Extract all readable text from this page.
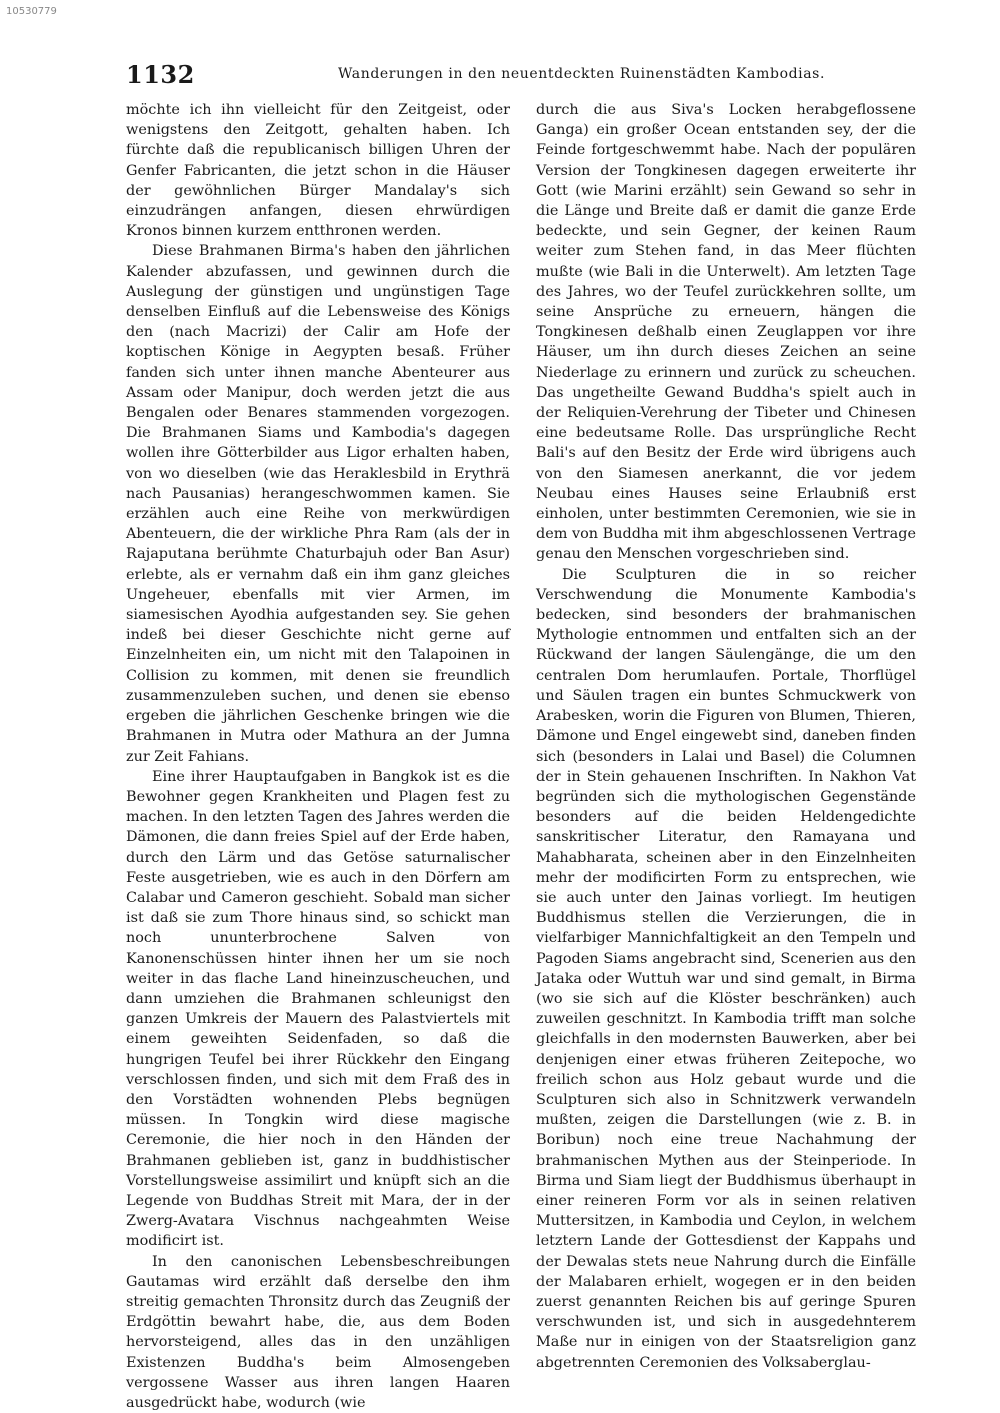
10530779
1132	Wanderungen in den neuentdeckten Ruinenstädten Kambodias.

möchte ich ihn vielleicht für den Zeitgeist, oder wenigstens den Zeitgott, gehalten haben. Ich fürchte daß die republicanisch billigen Uhren der Genfer Fabricanten, die jetzt schon in die Häuser der gewöhnlichen Bürger Mandalay's sich einzudrängen anfangen, diesen ehrwürdigen Kronos binnen kurzem entthronen werden.

Diese Brahmanen Birma's haben den jährlichen Kalender abzufassen, und gewinnen durch die Auslegung der günstigen und ungünstigen Tage denselben Einfluß auf die Lebensweise des Königs den (nach Macrizi) der Calir am Hofe der koptischen Könige in Aegypten besaß. Früher fanden sich unter ihnen manche Abenteurer aus Assam oder Manipur, doch werden jetzt die aus Bengalen oder Benares stammenden vorgezogen. Die Brahmanen Siams und Kambodia's dagegen wollen ihre Götterbilder aus Ligor erhalten haben, von wo dieselben (wie das Heraklesbild in Erythrä nach Pausanias) herangeschwommen kamen. Sie erzählen auch eine Reihe von merkwürdigen Abenteuern, die der wirkliche Phra Ram (als der in Rajaputana berühmte Chaturbajuh oder Ban Asur) erlebte, als er vernahm daß ein ihm ganz gleiches Ungeheuer, ebenfalls mit vier Armen, im siamesischen Ayodhia aufgestanden sey. Sie gehen indeß bei dieser Geschichte nicht gerne auf Einzelnheiten ein, um nicht mit den Talapoinen in Collision zu kommen, mit denen sie freundlich zusammenzuleben suchen, und denen sie ebenso ergeben die jährlichen Geschenke bringen wie die Brahmanen in Mutra oder Mathura an der Jumna zur Zeit Fahians.

Eine ihrer Hauptaufgaben in Bangkok ist es die Bewohner gegen Krankheiten und Plagen fest zu machen. In den letzten Tagen des Jahres werden die Dämonen, die dann freies Spiel auf der Erde haben, durch den Lärm und das Getöse saturnalischer Feste ausgetrieben, wie es auch in den Dörfern am Calabar und Cameron geschieht. Sobald man sicher ist daß sie zum Thore hinaus sind, so schickt man noch ununterbrochene Salven von Kanonenschüssen hinter ihnen her um sie noch weiter in das flache Land hineinzuscheuchen, und dann umziehen die Brahmanen schleunigst den ganzen Umkreis der Mauern des Palastviertels mit einem geweihten Seidenfaden, so daß die hungrigen Teufel bei ihrer Rückkehr den Eingang verschlossen finden, und sich mit dem Fraß des in den Vorstädten wohnenden Plebs begnügen müssen. In Tongkin wird diese magische Ceremonie, die hier noch in den Händen der Brahmanen geblieben ist, ganz in buddhistischer Vorstellungsweise assimilirt und knüpft sich an die Legende von Buddhas Streit mit Mara, der in der Zwerg-Avatara Vischnus nachgeahmten Weise modificirt ist.

In den canonischen Lebensbeschreibungen Gautamas wird erzählt daß derselbe den ihm streitig gemachten Thronsitz durch das Zeugniß der Erdgöttin bewahrt habe, die, aus dem Boden hervorsteigend, alles das in den unzähligen Existenzen Buddha's beim Almosengeben vergossene Wasser aus ihren langen Haaren ausgedrückt habe, wodurch (wie

durch die aus Siva's Locken herabgeflossene Ganga) ein großer Ocean entstanden sey, der die Feinde fortgeschwemmt habe. Nach der populären Version der Tongkinesen dagegen erweiterte ihr Gott (wie Marini erzählt) sein Gewand so sehr in die Länge und Breite daß er damit die ganze Erde bedeckte, und sein Gegner, der keinen Raum weiter zum Stehen fand, in das Meer flüchten mußte (wie Bali in die Unterwelt). Am letzten Tage des Jahres, wo der Teufel zurückkehren sollte, um seine Ansprüche zu erneuern, hängen die Tongkinesen deßhalb einen Zeuglappen vor ihre Häuser, um ihn durch dieses Zeichen an seine Niederlage zu erinnern und zurück zu scheuchen. Das ungetheilte Gewand Buddha's spielt auch in der Reliquien-Verehrung der Tibeter und Chinesen eine bedeutsame Rolle. Das ursprüngliche Recht Bali's auf den Besitz der Erde wird übrigens auch von den Siamesen anerkannt, die vor jedem Neubau eines Hauses seine Erlaubniß erst einholen, unter bestimmten Ceremonien, wie sie in dem von Buddha mit ihm abgeschlossenen Vertrage genau den Menschen vorgeschrieben sind.

Die Sculpturen die in so reicher Verschwendung die Monumente Kambodia's bedecken, sind besonders der brahmanischen Mythologie entnommen und entfalten sich an der Rückwand der langen Säulengänge, die um den centralen Dom herumlaufen. Portale, Thorflügel und Säulen tragen ein buntes Schmuckwerk von Arabesken, worin die Figuren von Blumen, Thieren, Dämone und Engel eingewebt sind, daneben finden sich (besonders in Lalai und Basel) die Columnen der in Stein gehauenen Inschriften. In Nakhon Vat begründen sich die mythologischen Gegenstände besonders auf die beiden Heldengedichte sanskritischer Literatur, den Ramayana und Mahabharata, scheinen aber in den Einzelnheiten mehr der modificirten Form zu entsprechen, wie sie auch unter den Jainas vorliegt. Im heutigen Buddhismus stellen die Verzierungen, die in vielfarbiger Mannichfaltigkeit an den Tempeln und Pagoden Siams angebracht sind, Scenerien aus den Jataka oder Wuttuh war und sind gemalt, in Birma (wo sie sich auf die Klöster beschränken) auch zuweilen geschnitzt. In Kambodia trifft man solche gleichfalls in den modernsten Bauwerken, aber bei denjenigen einer etwas früheren Zeitepoche, wo freilich schon aus Holz gebaut wurde und die Sculpturen sich also in Schnitzwerk verwandeln mußten, zeigen die Darstellungen (wie z. B. in Boribun) noch eine treue Nachahmung der brahmanischen Mythen aus der Steinperiode. In Birma und Siam liegt der Buddhismus überhaupt in einer reineren Form vor als in seinen relativen Muttersitzen, in Kambodia und Ceylon, in welchem letztern Lande der Gottesdienst der Kappahs und der Dewalas stets neue Nahrung durch die Einfälle der Malabaren erhielt, wogegen er in den beiden zuerst genannten Reichen bis auf geringe Spuren verschwunden ist, und sich in ausgedehnterem Maße nur in einigen von der Staatsreligion ganz abgetrennten Ceremonien des Volksaberglau-
